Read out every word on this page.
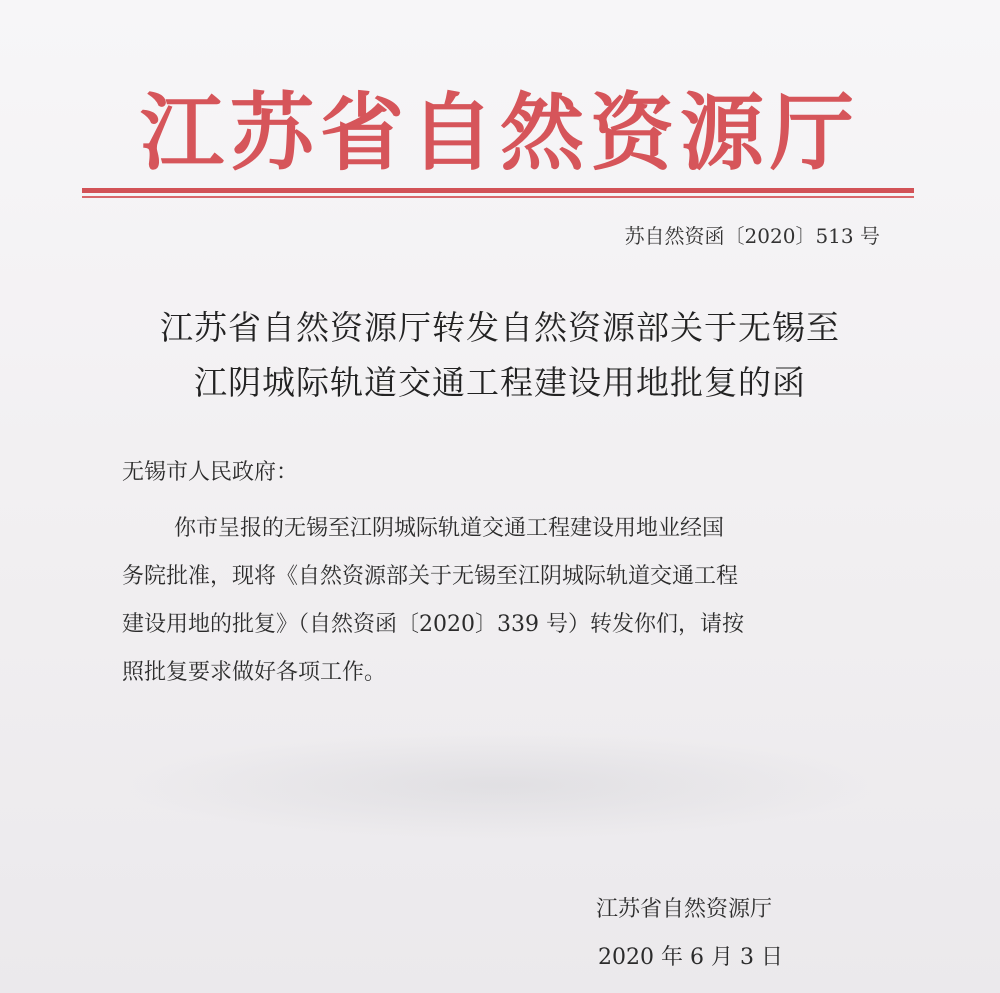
江苏省自然资源厅
苏自然资函〔2020〕513 号
江苏省自然资源厅转发自然资源部关于无锡至
江阴城际轨道交通工程建设用地批复的函
无锡市人民政府：
你市呈报的无锡至江阴城际轨道交通工程建设用地业经国
务院批准，现将《自然资源部关于无锡至江阴城际轨道交通工程
建设用地的批复》（自然资函〔2020〕339 号）转发你们，请按
照批复要求做好各项工作。
江苏省自然资源厅
2020 年 6 月 3 日
